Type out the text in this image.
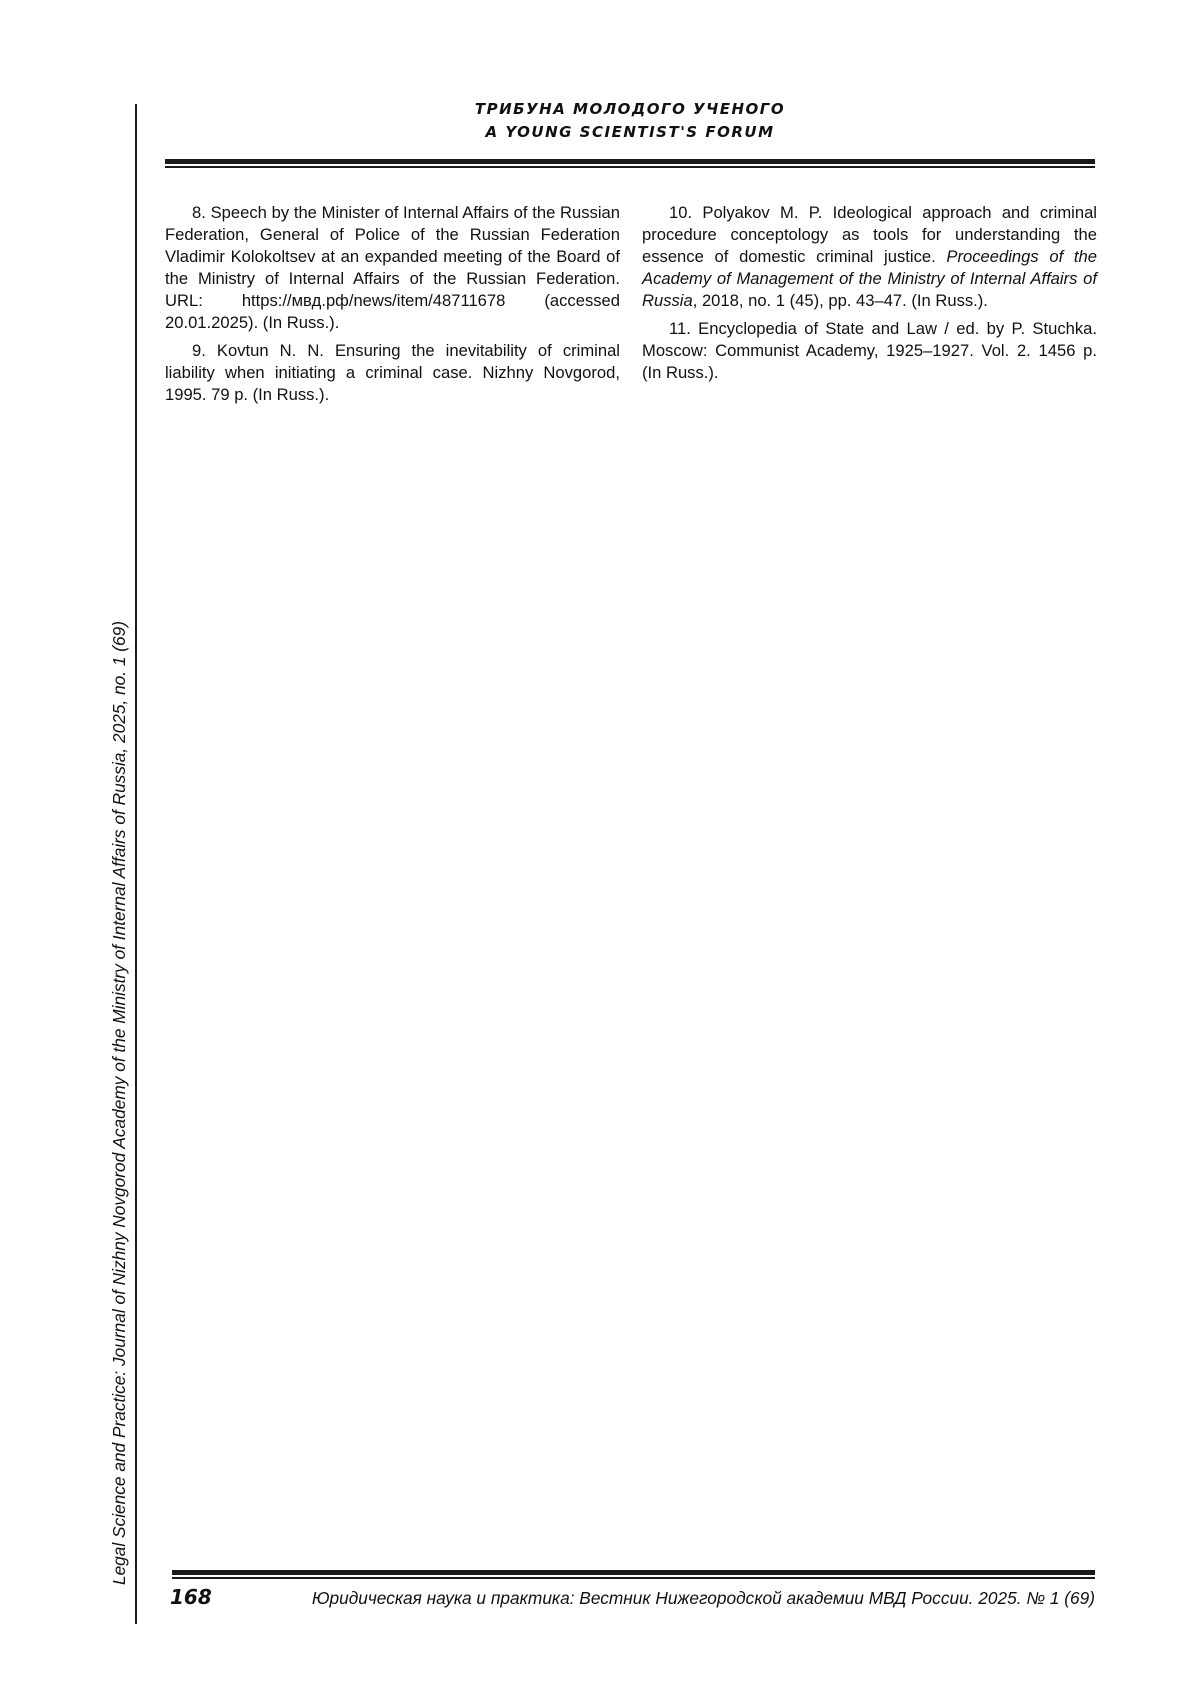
Legal Science and Practice: Journal of Nizhny Novgorod Academy of the Ministry of Internal Affairs of Russia, 2025, no. 1 (69)
ТРИБУНА МОЛОДОГО УЧЕНОГО
A YOUNG SCIENTIST'S FORUM

8. Speech by the Minister of Internal Affairs of the Russian Federation, General of Police of the Russian Federation Vladimir Kolokoltsev at an expanded meeting of the Board of the Ministry of Internal Affairs of the Russian Federation. URL: https://мвд.рф/news/item/48711678 (accessed 20.01.2025). (In Russ.).

9. Kovtun N. N. Ensuring the inevitability of criminal liability when initiating a criminal case. Nizhny Novgorod, 1995. 79 p. (In Russ.).

10. Polyakov M. P. Ideological approach and criminal procedure conceptology as tools for understanding the essence of domestic criminal justice. Proceedings of the Academy of Management of the Ministry of Internal Affairs of Russia, 2018, no. 1 (45), pp. 43–47. (In Russ.).

11. Encyclopedia of State and Law / ed. by P. Stuchka. Moscow: Communist Academy, 1925–1927. Vol. 2. 1456 p. (In Russ.).

168	Юридическая наука и практика: Вестник Нижегородской академии МВД России. 2025. № 1 (69)
